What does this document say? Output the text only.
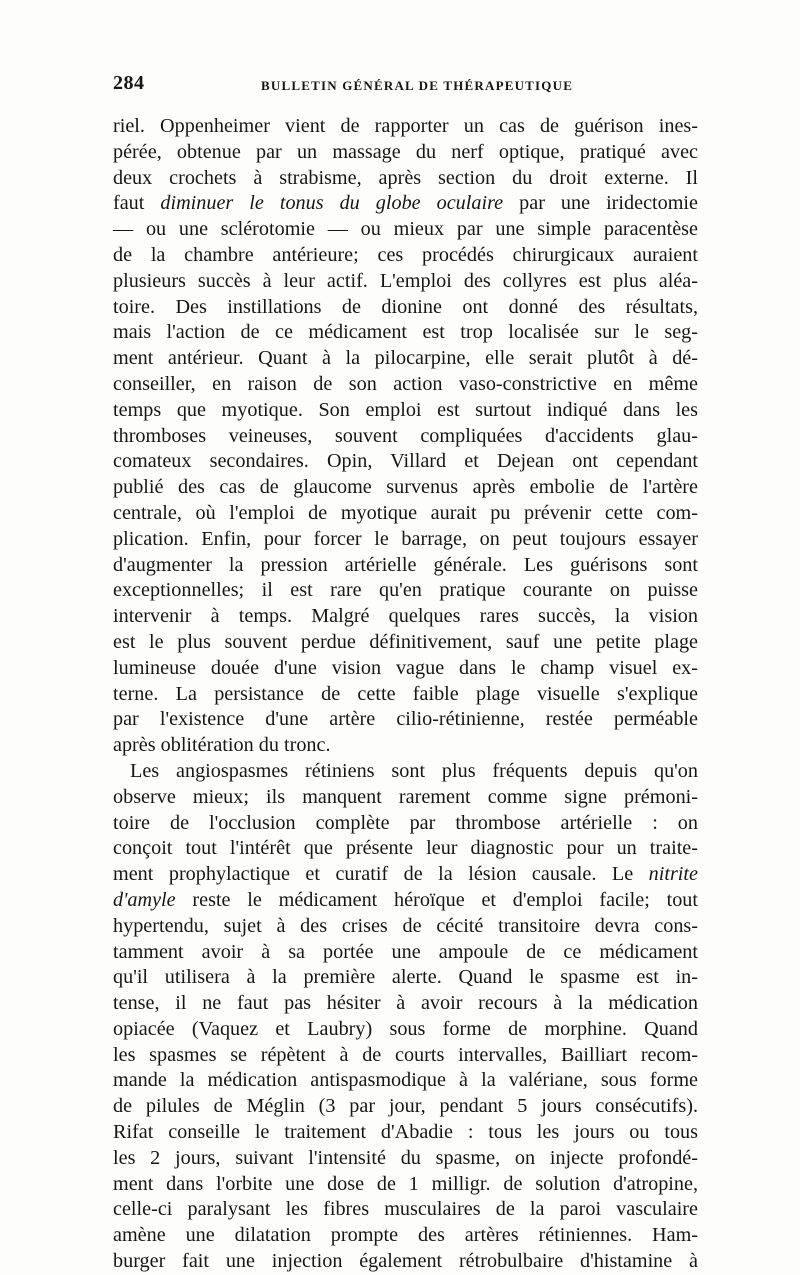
284	BULLETIN GÉNÉRAL DE THÉRAPEUTIQUE
riel. Oppenheimer vient de rapporter un cas de guérison ines-
pérée, obtenue par un massage du nerf optique, pratiqué avec
deux crochets à strabisme, après section du droit externe. Il
faut diminuer le tonus du globe oculaire par une iridectomie
— ou une sclérotomie — ou mieux par une simple paracentèse
de la chambre antérieure; ces procédés chirurgicaux auraient
plusieurs succès à leur actif. L'emploi des collyres est plus aléa-
toire. Des instillations de dionine ont donné des résultats,
mais l'action de ce médicament est trop localisée sur le seg-
ment antérieur. Quant à la pilocarpine, elle serait plutôt à dé-
conseiller, en raison de son action vaso-constrictive en même
temps que myotique. Son emploi est surtout indiqué dans les
thromboses veineuses, souvent compliquées d'accidents glau-
comateux secondaires. Opin, Villard et Dejean ont cependant
publié des cas de glaucome survenus après embolie de l'artère
centrale, où l'emploi de myotique aurait pu prévenir cette com-
plication. Enfin, pour forcer le barrage, on peut toujours essayer
d'augmenter la pression artérielle générale. Les guérisons sont
exceptionnelles; il est rare qu'en pratique courante on puisse
intervenir à temps. Malgré quelques rares succès, la vision
est le plus souvent perdue définitivement, sauf une petite plage
lumineuse douée d'une vision vague dans le champ visuel ex-
terne. La persistance de cette faible plage visuelle s'explique
par l'existence d'une artère cilio-rétinienne, restée perméable
après oblitération du tronc.
Les angiospasmes rétiniens sont plus fréquents depuis qu'on
observe mieux; ils manquent rarement comme signe prémoni-
toire de l'occlusion complète par thrombose artérielle : on
conçoit tout l'intérêt que présente leur diagnostic pour un traite-
ment prophylactique et curatif de la lésion causale. Le nitrite
d'amyle reste le médicament héroïque et d'emploi facile; tout
hypertendu, sujet à des crises de cécité transitoire devra cons-
tamment avoir à sa portée une ampoule de ce médicament
qu'il utilisera à la première alerte. Quand le spasme est in-
tense, il ne faut pas hésiter à avoir recours à la médication
opiacée (Vaquez et Laubry) sous forme de morphine. Quand
les spasmes se répètent à de courts intervalles, Bailliart recom-
mande la médication antispasmodique à la valériane, sous forme
de pilules de Méglin (3 par jour, pendant 5 jours consécutifs).
Rifat conseille le traitement d'Abadie : tous les jours ou tous
les 2 jours, suivant l'intensité du spasme, on injecte profondé-
ment dans l'orbite une dose de 1 milligr. de solution d'atropine,
celle-ci paralysant les fibres musculaires de la paroi vasculaire
amène une dilatation prompte des artères rétiniennes. Ham-
burger fait une injection également rétrobulbaire d'histamine à
